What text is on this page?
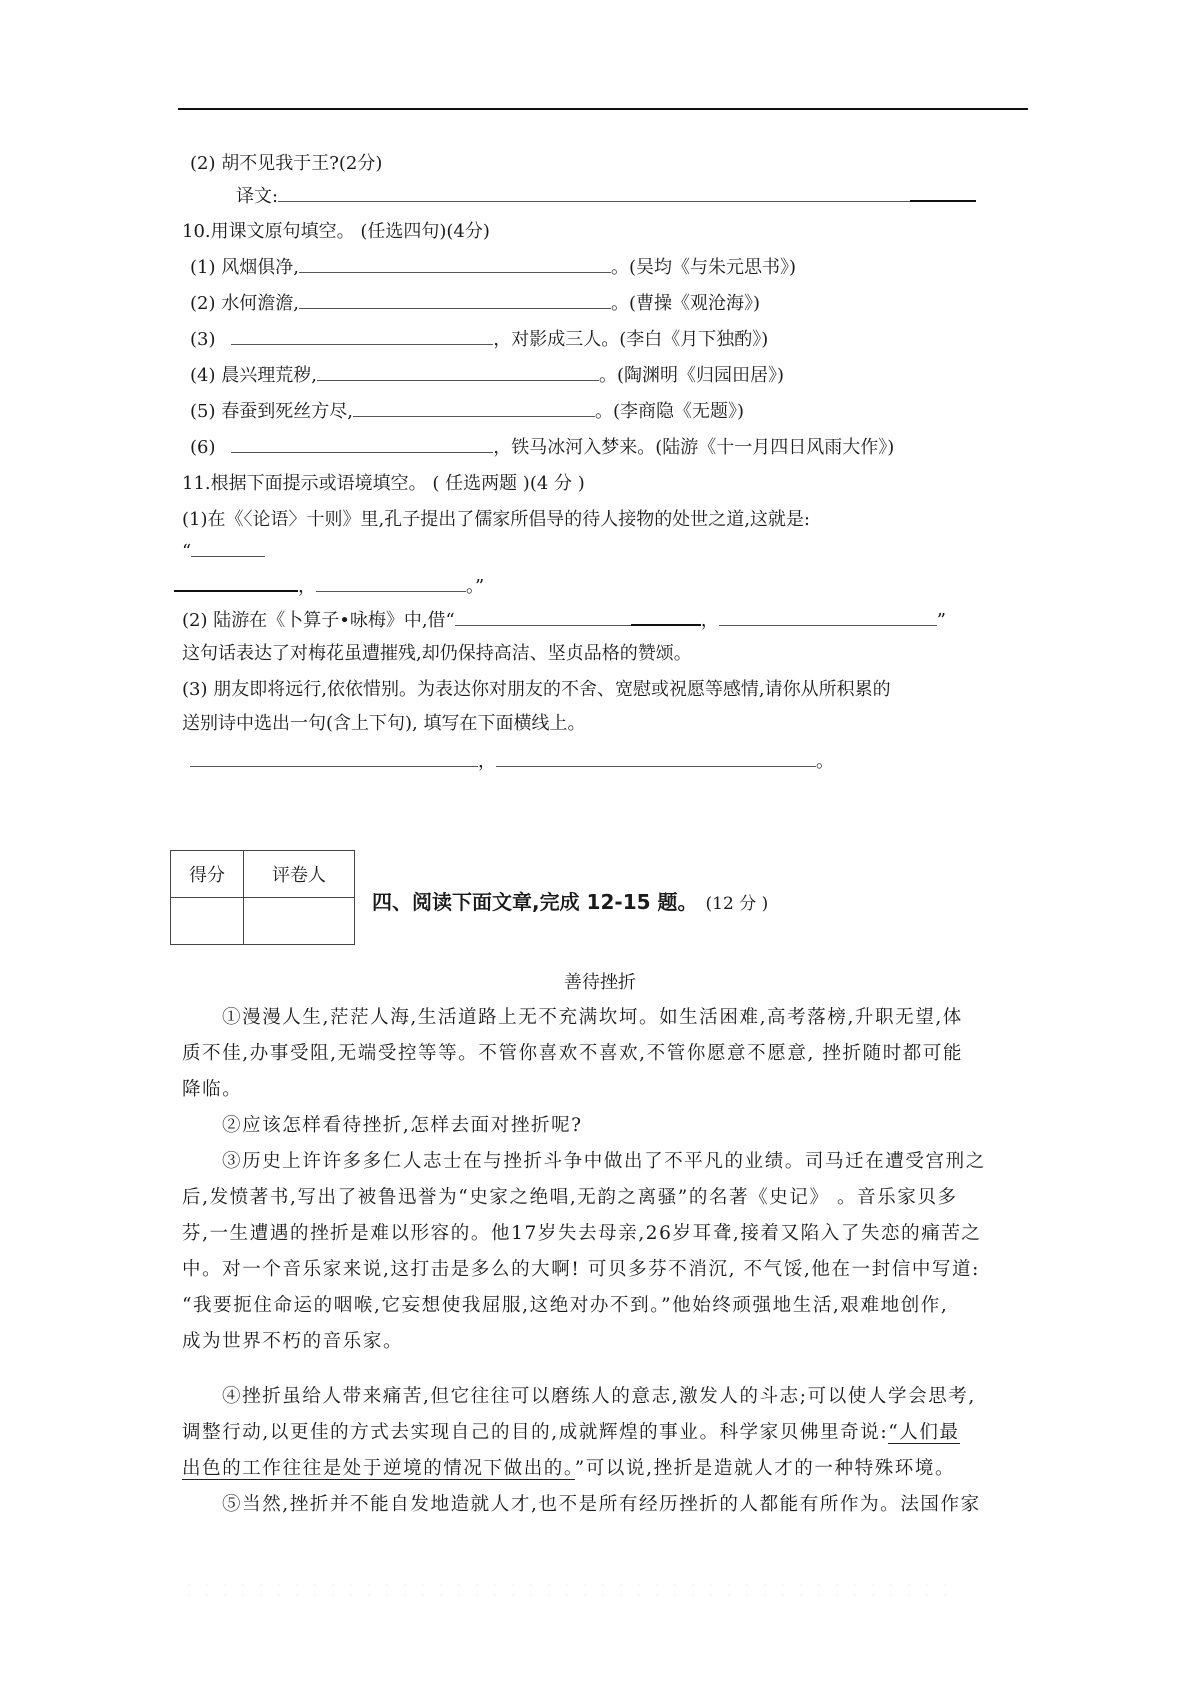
(2) 胡不见我于王?(2分)
译文:
10.用课文原句填空。 (任选四句)(4分)
(1) 风烟俱净,	。(吴均《与朱元思书》)
(2) 水何澹澹,	。(曹操《观沧海》)
(3)	，对影成三人。(李白《月下独酌》)
(4) 晨兴理荒秽,	。(陶渊明《归园田居》)
(5) 春蚕到死丝方尽,	。(李商隐《无题》)
(6)	，铁马冰河入梦来。(陆游《十一月四日风雨大作》)
11.根据下面提示或语境填空。 ( 任选两题 )(4 分 )
(1)在《〈论语〉十则》里,孔子提出了儒家所倡导的待人接物的处世之道,这就是:
“
，	。”
(2) 陆游在《卜算子•咏梅》中,借“	，	”
这句话表达了对梅花虽遭摧残,却仍保持高洁、坚贞品格的赞颂。
(3) 朋友即将远行,依依惜别。为表达你对朋友的不舍、宽慰或祝愿等感情,请你从所积累的
送别诗中选出一句(含上下句), 填写在下面横线上。
，	。
得分	评卷人

四、阅读下面文章,完成 12-15 题。 (12 分 )
善待挫折
①漫漫人生,茫茫人海,生活道路上无不充满坎坷。如生活困难,高考落榜,升职无望,体
质不佳,办事受阻,无端受控等等。不管你喜欢不喜欢,不管你愿意不愿意, 挫折随时都可能
降临。
②应该怎样看待挫折,怎样去面对挫折呢?
③历史上许许多多仁人志士在与挫折斗争中做出了不平凡的业绩。司马迁在遭受宫刑之
后,发愤著书,写出了被鲁迅誉为“史家之绝唱,无韵之离骚”的名著《史记》 。音乐家贝多
芬,一生遭遇的挫折是难以形容的。他17岁失去母亲,26岁耳聋,接着又陷入了失恋的痛苦之
中。对一个音乐家来说,这打击是多么的大啊! 可贝多芬不消沉, 不气馁,他在一封信中写道:
“我要扼住命运的咽喉,它妄想使我屈服,这绝对办不到。”他始终顽强地生活,艰难地创作,
成为世界不朽的音乐家。
④挫折虽给人带来痛苦,但它往往可以磨练人的意志,激发人的斗志;可以使人学会思考,
调整行动,以更佳的方式去实现自己的目的,成就辉煌的事业。科学家贝佛里奇说:“人们最
出色的工作往往是处于逆境的情况下做出的。”可以说,挫折是造就人才的一种特殊环境。
⑤当然,挫折并不能自发地造就人才,也不是所有经历挫折的人都能有所作为。法国作家
